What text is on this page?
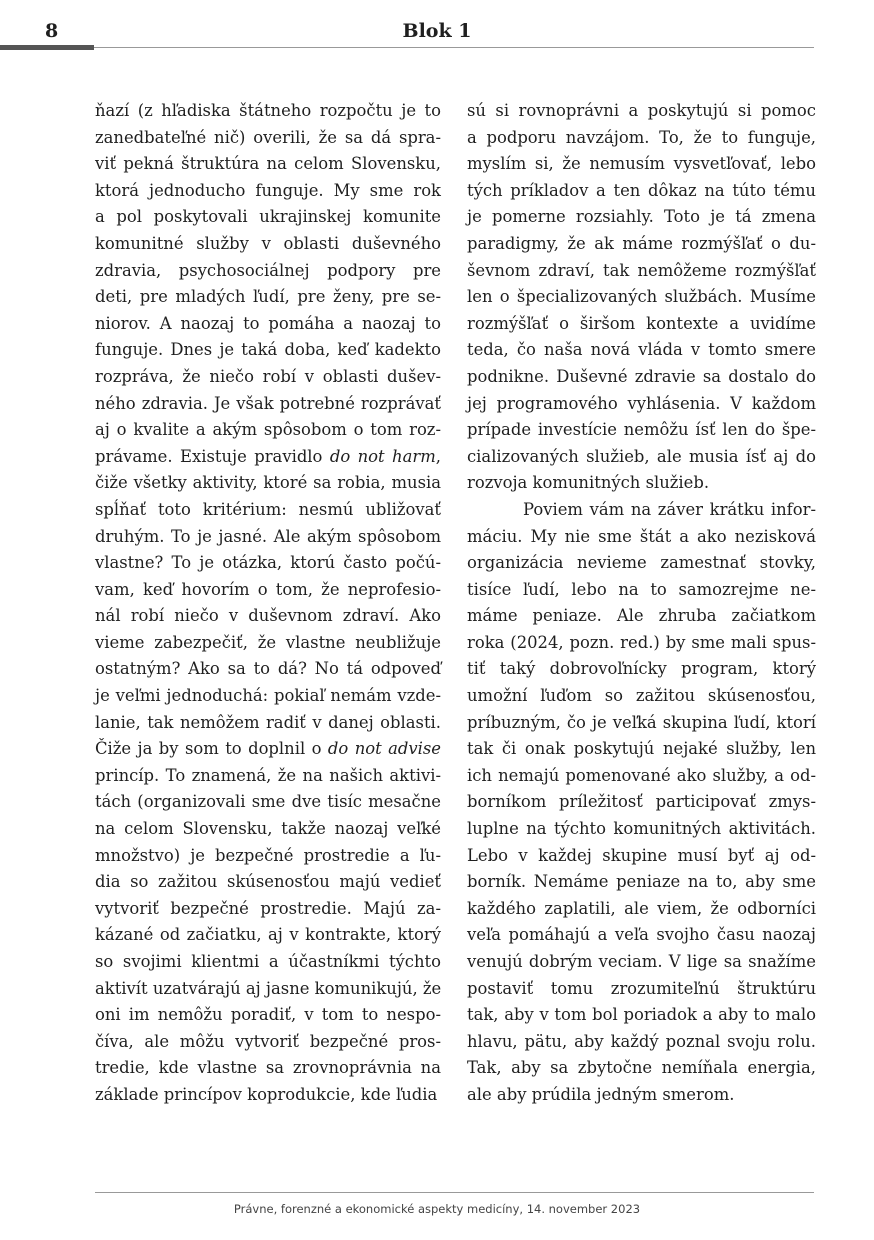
8	Blok 1
ňazí (z hľadiska štátneho rozpočtu je to
zanedbateľné nič) overili, že sa dá spra-
viť pekná štruktúra na celom Slovensku,
ktorá jednoducho funguje. My sme rok
a pol poskytovali ukrajinskej komunite
komunitné služby v oblasti duševného
zdravia, psychosociálnej podpory pre
deti, pre mladých ľudí, pre ženy, pre se-
niorov. A naozaj to pomáha a naozaj to
funguje. Dnes je taká doba, keď kadekto
rozpráva, že niečo robí v oblasti dušev-
ného zdravia. Je však potrebné rozprávať
aj o kvalite a akým spôsobom o tom roz-
právame. Existuje pravidlo do not harm,
čiže všetky aktivity, ktoré sa robia, musia
spĺňať toto kritérium: nesmú ubližovať
druhým. To je jasné. Ale akým spôsobom
vlastne? To je otázka, ktorú často počú-
vam, keď hovorím o tom, že neprofesio-
nál robí niečo v duševnom zdraví. Ako
vieme zabezpečiť, že vlastne neubližuje
ostatným? Ako sa to dá? No tá odpoveď
je veľmi jednoduchá: pokiaľ nemám vzde-
lanie, tak nemôžem radiť v danej oblasti.
Čiže ja by som to doplnil o do not advise
princíp. To znamená, že na našich aktivi-
tách (organizovali sme dve tisíc mesačne
na celom Slovensku, takže naozaj veľké
množstvo) je bezpečné prostredie a ľu-
dia so zažitou skúsenosťou majú vedieť
vytvoriť bezpečné prostredie. Majú za-
kázané od začiatku, aj v kontrakte, ktorý
so svojimi klientmi a účastníkmi týchto
aktivít uzatvárajú aj jasne komunikujú, že
oni im nemôžu poradiť, v tom to nespo-
číva, ale môžu vytvoriť bezpečné pros-
tredie, kde vlastne sa zrovnoprávnia na
základe princípov koprodukcie, kde ľudia
sú si rovnoprávni a poskytujú si pomoc
a podporu navzájom. To, že to funguje,
myslím si, že nemusím vysvetľovať, lebo
tých príkladov a ten dôkaz na túto tému
je pomerne rozsiahly. Toto je tá zmena
paradigmy, že ak máme rozmýšľať o du-
ševnom zdraví, tak nemôžeme rozmýšľať
len o špecializovaných službách. Musíme
rozmýšľať o širšom kontexte a uvidíme
teda, čo naša nová vláda v tomto smere
podnikne. Duševné zdravie sa dostalo do
jej programového vyhlásenia. V každom
prípade investície nemôžu ísť len do špe-
cializovaných služieb, ale musia ísť aj do
rozvoja komunitných služieb.
Poviem vám na záver krátku infor-
máciu. My nie sme štát a ako nezisková
organizácia nevieme zamestnať stovky,
tisíce ľudí, lebo na to samozrejme ne-
máme peniaze. Ale zhruba začiatkom
roka (2024, pozn. red.) by sme mali spus-
tiť taký dobrovoľnícky program, ktorý
umožní ľuďom so zažitou skúsenosťou,
príbuzným, čo je veľká skupina ľudí, ktorí
tak či onak poskytujú nejaké služby, len
ich nemajú pomenované ako služby, a od-
borníkom príležitosť participovať zmys-
luplne na týchto komunitných aktivitách.
Lebo v každej skupine musí byť aj od-
borník. Nemáme peniaze na to, aby sme
každého zaplatili, ale viem, že odborníci
veľa pomáhajú a veľa svojho času naozaj
venujú dobrým veciam. V lige sa snažíme
postaviť tomu zrozumiteľnú štruktúru
tak, aby v tom bol poriadok a aby to malo
hlavu, pätu, aby každý poznal svoju rolu.
Tak, aby sa zbytočne nemíňala energia,
ale aby prúdila jedným smerom.
Právne, forenzné a ekonomické aspekty medicíny, 14. november 2023
